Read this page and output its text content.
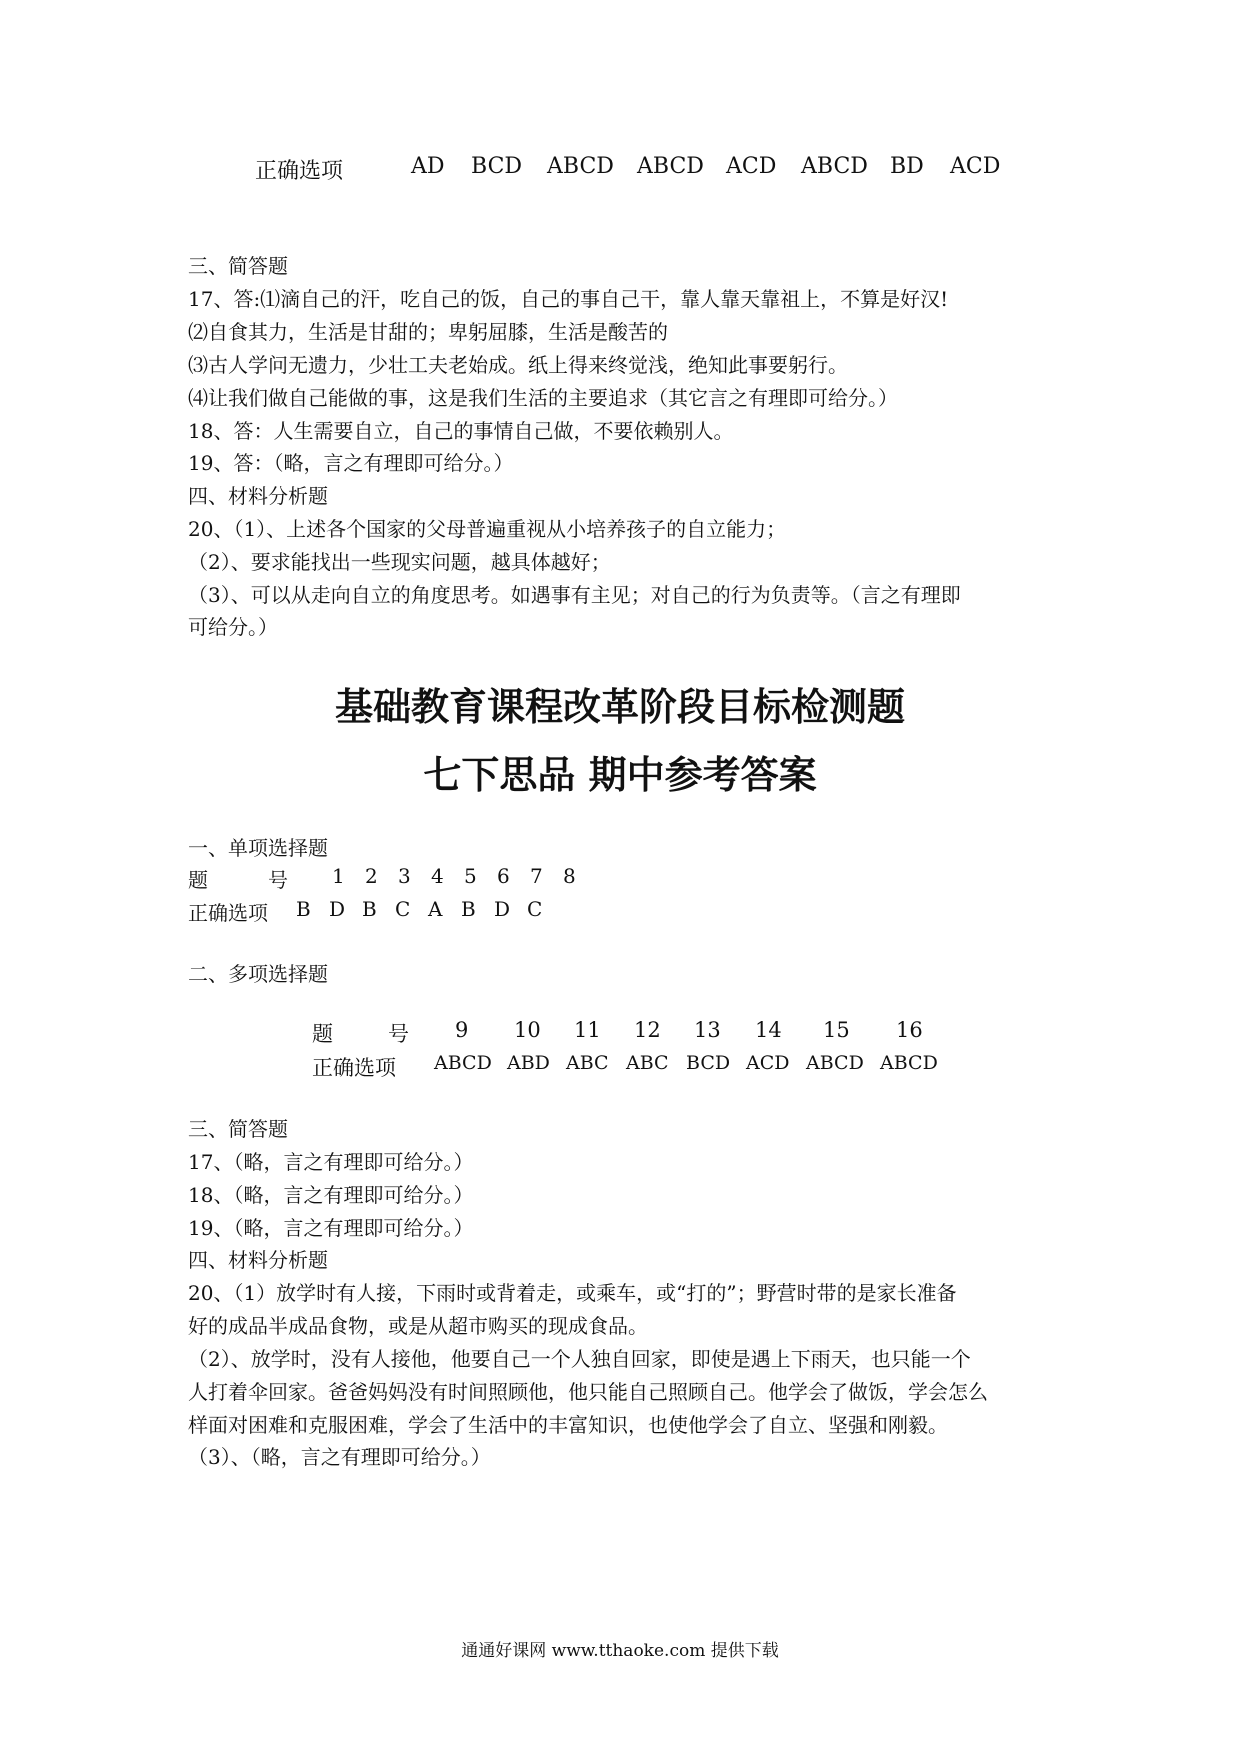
正确选项	AD BCD ABCD ABCD ACD ABCD BD ACD
三、简答题
17、答:⑴滴自己的汗，吃自己的饭，自己的事自己干，靠人靠天靠祖上，不算是好汉!
⑵自食其力，生活是甘甜的；卑躬屈膝，生活是酸苦的
⑶古人学问无遗力，少壮工夫老始成。纸上得来终觉浅，绝知此事要躬行。
⑷让我们做自己能做的事，这是我们生活的主要追求（其它言之有理即可给分。）
18、答：人生需要自立，自己的事情自己做，不要依赖别人。
19、答：（略，言之有理即可给分。）
四、材料分析题
20、（1）、上述各个国家的父母普遍重视从小培养孩子的自立能力；
（2）、要求能找出一些现实问题，越具体越好；
（3）、可以从走向自立的角度思考。如遇事有主见；对自己的行为负责等。（言之有理即
可给分。）
基础教育课程改革阶段目标检测题
七下思品 期中参考答案
一、单项选择题
题　　　号 1 2 3 4 5 6 7 8
正确选项 B D B C A B D C
二、多项选择题
题	号 9 10 11 12 13 14 15 16
正确选项 ABCD ABD ABC ABC BCD ACD ABCD ABCD
三、简答题
17、（略，言之有理即可给分。）
18、（略，言之有理即可给分。）
19、（略，言之有理即可给分。）
四、材料分析题
20、（1）放学时有人接，下雨时或背着走，或乘车，或“打的”；野营时带的是家长准备
好的成品半成品食物，或是从超市购买的现成食品。
（2）、放学时，没有人接他，他要自己一个人独自回家，即使是遇上下雨天，也只能一个
人打着伞回家。爸爸妈妈没有时间照顾他，他只能自己照顾自己。他学会了做饭，学会怎么
样面对困难和克服困难，学会了生活中的丰富知识，也使他学会了自立、坚强和刚毅。
（3）、（略，言之有理即可给分。）
通通好课网 www.tthaoke.com 提供下载
